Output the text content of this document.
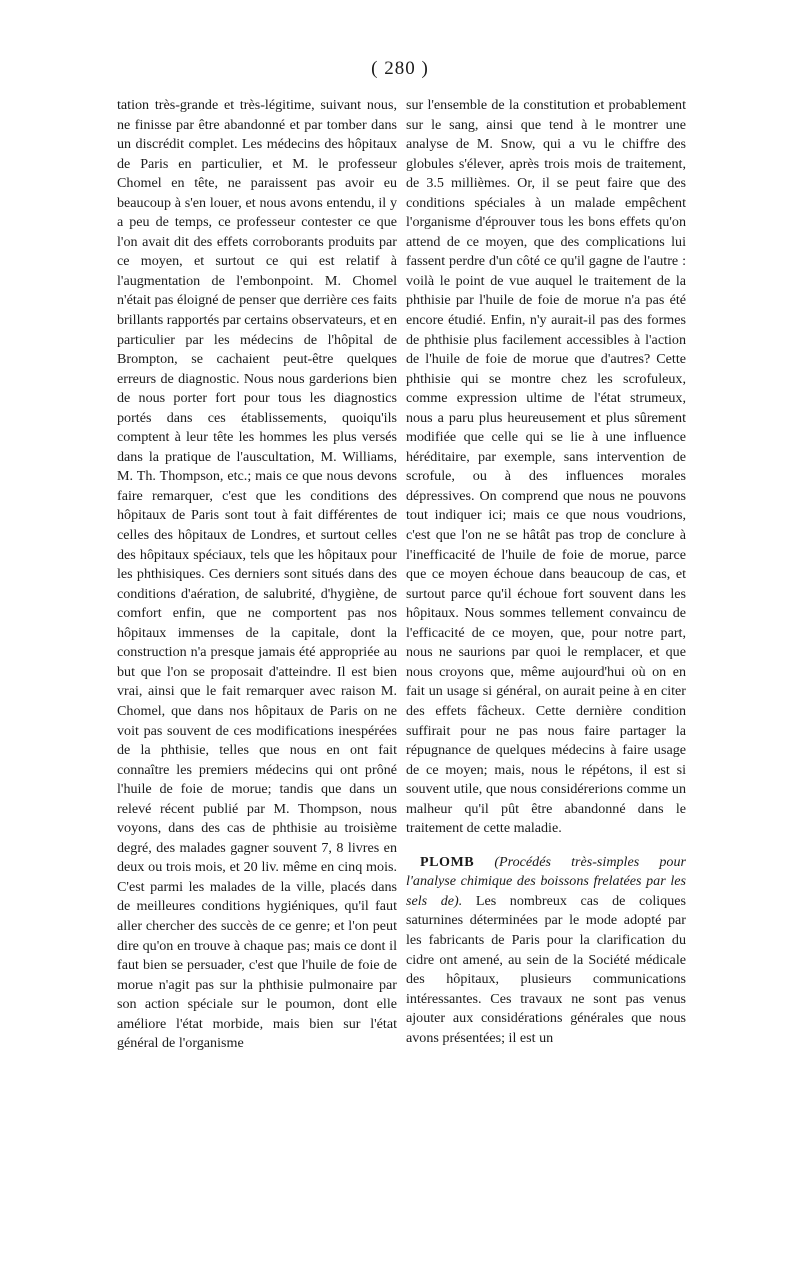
( 280 )

tation très-grande et très-légitime, suivant nous, ne finisse par être abandonné et par tomber dans un discrédit complet. Les médecins des hôpitaux de Paris en particulier, et M. le professeur Chomel en tête, ne paraissent pas avoir eu beaucoup à s'en louer, et nous avons entendu, il y a peu de temps, ce professeur contester ce que l'on avait dit des effets corroborants produits par ce moyen, et surtout ce qui est relatif à l'augmentation de l'embonpoint. M. Chomel n'était pas éloigné de penser que derrière ces faits brillants rapportés par certains observateurs, et en particulier par les médecins de l'hôpital de Brompton, se cachaient peut-être quelques erreurs de diagnostic. Nous nous garderions bien de nous porter fort pour tous les diagnostics portés dans ces établissements, quoiqu'ils comptent à leur tête les hommes les plus versés dans la pratique de l'auscultation, M. Williams, M. Th. Thompson, etc.; mais ce que nous devons faire remarquer, c'est que les conditions des hôpitaux de Paris sont tout à fait différentes de celles des hôpitaux de Londres, et surtout celles des hôpitaux spéciaux, tels que les hôpitaux pour les phthisiques. Ces derniers sont situés dans des conditions d'aération, de salubrité, d'hygiène, de comfort enfin, que ne comportent pas nos hôpitaux immenses de la capitale, dont la construction n'a presque jamais été appropriée au but que l'on se proposait d'atteindre. Il est bien vrai, ainsi que le fait remarquer avec raison M. Chomel, que dans nos hôpitaux de Paris on ne voit pas souvent de ces modifications inespérées de la phthisie, telles que nous en ont fait connaître les premiers médecins qui ont prôné l'huile de foie de morue; tandis que dans un relevé récent publié par M. Thompson, nous voyons, dans des cas de phthisie au troisième degré, des malades gagner souvent 7, 8 livres en deux ou trois mois, et 20 liv. même en cinq mois. C'est parmi les malades de la ville, placés dans de meilleures conditions hygiéniques, qu'il faut aller chercher des succès de ce genre; et l'on peut dire qu'on en trouve à chaque pas; mais ce dont il faut bien se persuader, c'est que l'huile de foie de morue n'agit pas sur la phthisie pulmonaire par son action spéciale sur le poumon, dont elle améliore l'état morbide, mais bien sur l'état général de l'organisme

sur l'ensemble de la constitution et probablement sur le sang, ainsi que tend à le montrer une analyse de M. Snow, qui a vu le chiffre des globules s'élever, après trois mois de traitement, de 3.5 millièmes. Or, il se peut faire que des conditions spéciales à un malade empêchent l'organisme d'éprouver tous les bons effets qu'on attend de ce moyen, que des complications lui fassent perdre d'un côté ce qu'il gagne de l'autre : voilà le point de vue auquel le traitement de la phthisie par l'huile de foie de morue n'a pas été encore étudié. Enfin, n'y aurait-il pas des formes de phthisie plus facilement accessibles à l'action de l'huile de foie de morue que d'autres? Cette phthisie qui se montre chez les scrofuleux, comme expression ultime de l'état strumeux, nous a paru plus heureusement et plus sûrement modifiée que celle qui se lie à une influence héréditaire, par exemple, sans intervention de scrofule, ou à des influences morales dépressives. On comprend que nous ne pouvons tout indiquer ici; mais ce que nous voudrions, c'est que l'on ne se hâtât pas trop de conclure à l'inefficacité de l'huile de foie de morue, parce que ce moyen échoue dans beaucoup de cas, et surtout parce qu'il échoue fort souvent dans les hôpitaux. Nous sommes tellement convaincu de l'efficacité de ce moyen, que, pour notre part, nous ne saurions par quoi le remplacer, et que nous croyons que, même aujourd'hui où on en fait un usage si général, on aurait peine à en citer des effets fâcheux. Cette dernière condition suffirait pour ne pas nous faire partager la répugnance de quelques médecins à faire usage de ce moyen; mais, nous le répétons, il est si souvent utile, que nous considérerions comme un malheur qu'il pût être abandonné dans le traitement de cette maladie.

PLOMB (Procédés très-simples pour l'analyse chimique des boissons frelatées par les sels de). Les nombreux cas de coliques saturnines déterminées par le mode adopté par les fabricants de Paris pour la clarification du cidre ont amené, au sein de la Société médicale des hôpitaux, plusieurs communications intéressantes. Ces travaux ne sont pas venus ajouter aux considérations générales que nous avons présentées; il est un
